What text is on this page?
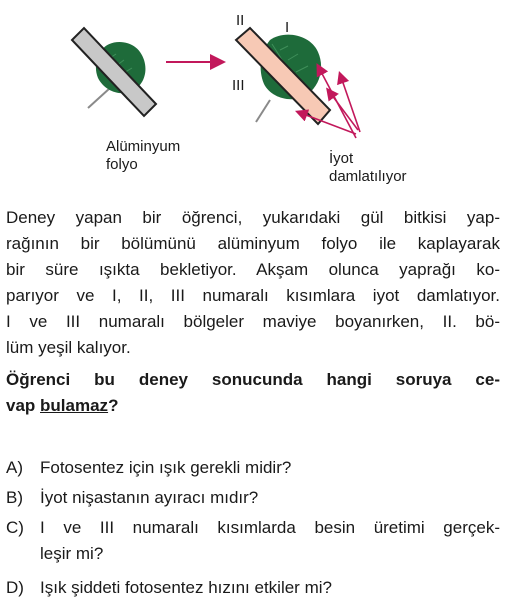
II	I
III
Alüminyum
folyo	İyot
damlatılıyor
Deney yapan bir öğrenci, yukarıdaki gül bitkisi yap-
rağının bir bölümünü alüminyum folyo ile kaplayarak
bir süre ışıkta bekletiyor. Akşam olunca yaprağı ko-
parıyor ve I, II, III numaralı kısımlara iyot damlatıyor.
I ve III numaralı bölgeler maviye boyanırken, II. bö-
lüm yeşil kalıyor.
Öğrenci bu deney sonucunda hangi soruya ce-
vap bulamaz?
A) Fotosentez için ışık gerekli midir?
B) İyot nişastanın ayıracı mıdır?
C) I ve III numaralı kısımlarda besin üretimi gerçek-
leşir mi?
D) Işık şiddeti fotosentez hızını etkiler mi?
